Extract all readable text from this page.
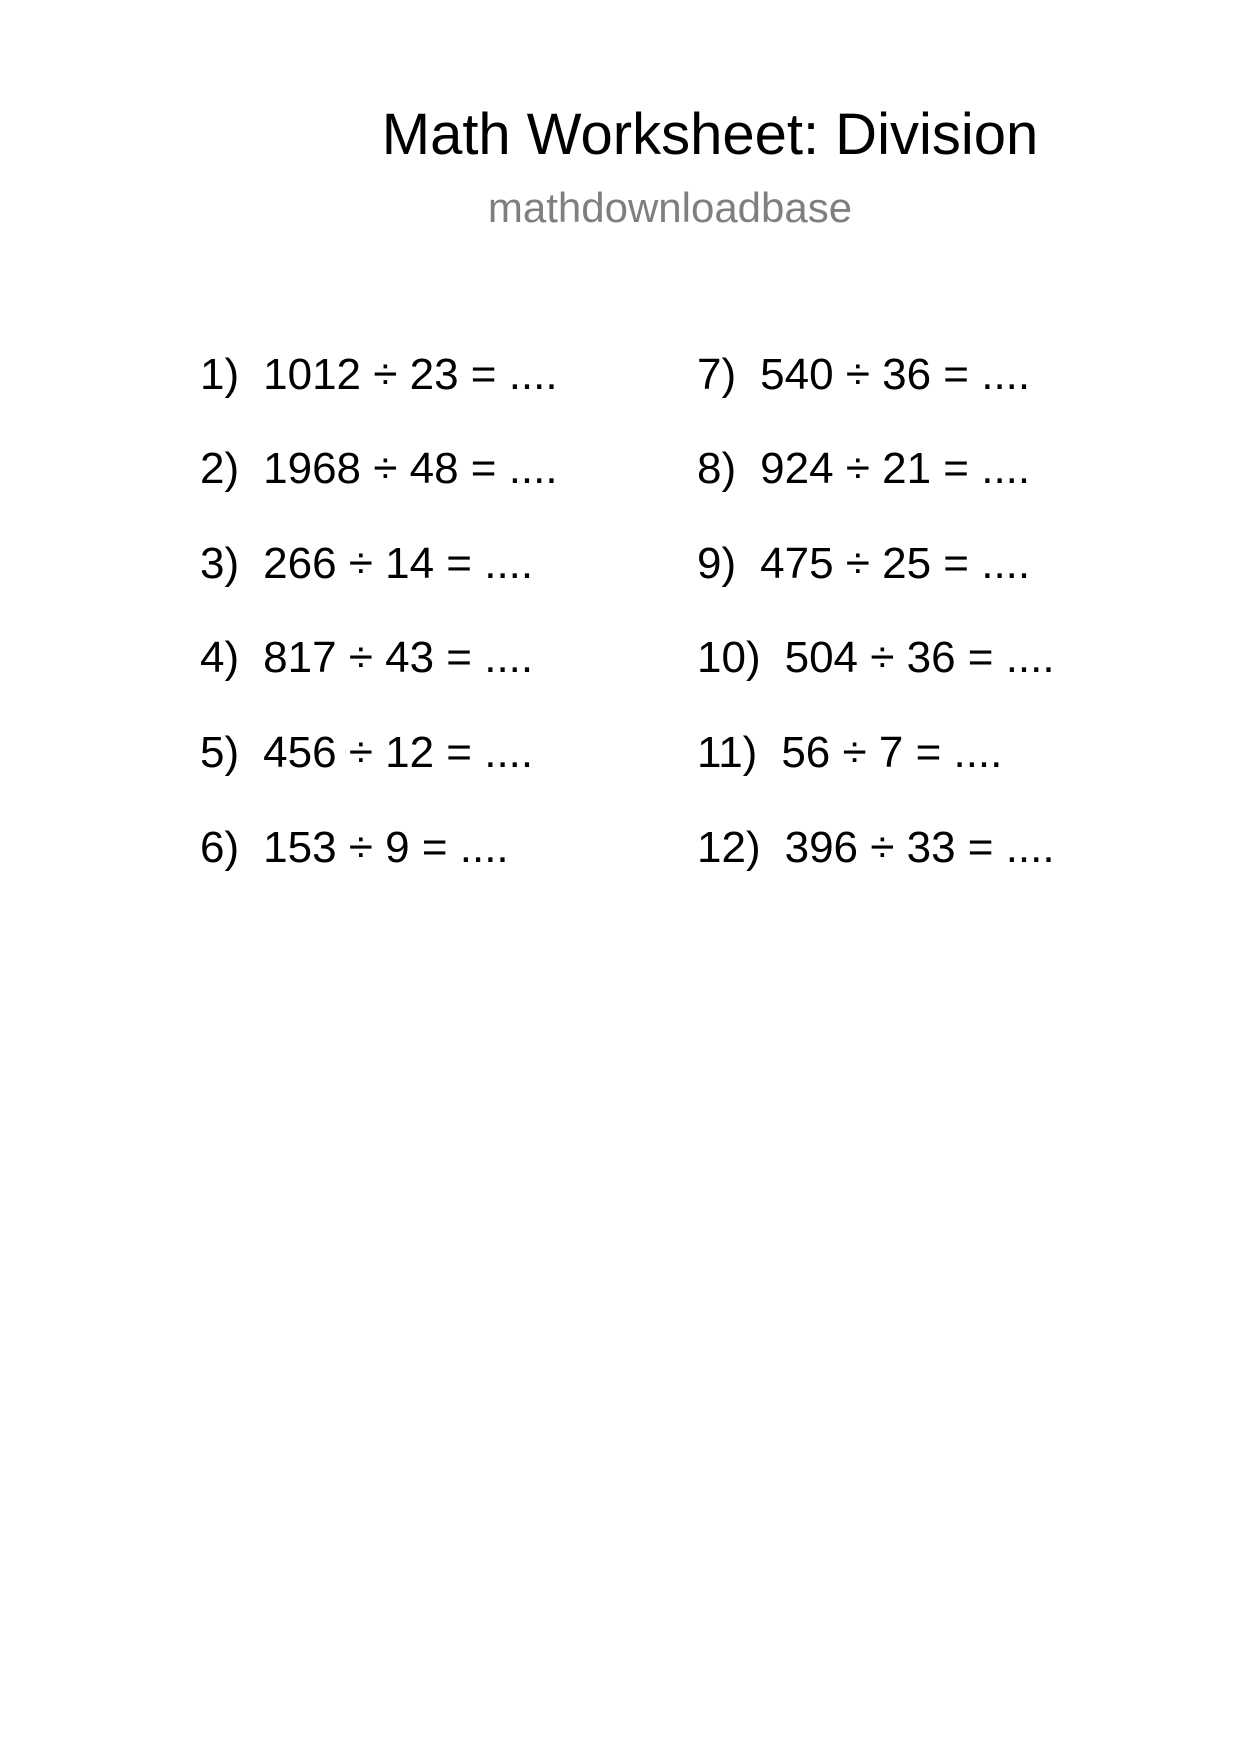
Math Worksheet: Division
mathdownloadbase
1) 1012 ÷ 23 = ....
2) 1968 ÷ 48 = ....
3) 266 ÷ 14 = ....
4) 817 ÷ 43 = ....
5) 456 ÷ 12 = ....
6) 153 ÷ 9 = ....
7) 540 ÷ 36 = ....
8) 924 ÷ 21 = ....
9) 475 ÷ 25 = ....
10) 504 ÷ 36 = ....
11) 56 ÷ 7 = ....
12) 396 ÷ 33 = ....
